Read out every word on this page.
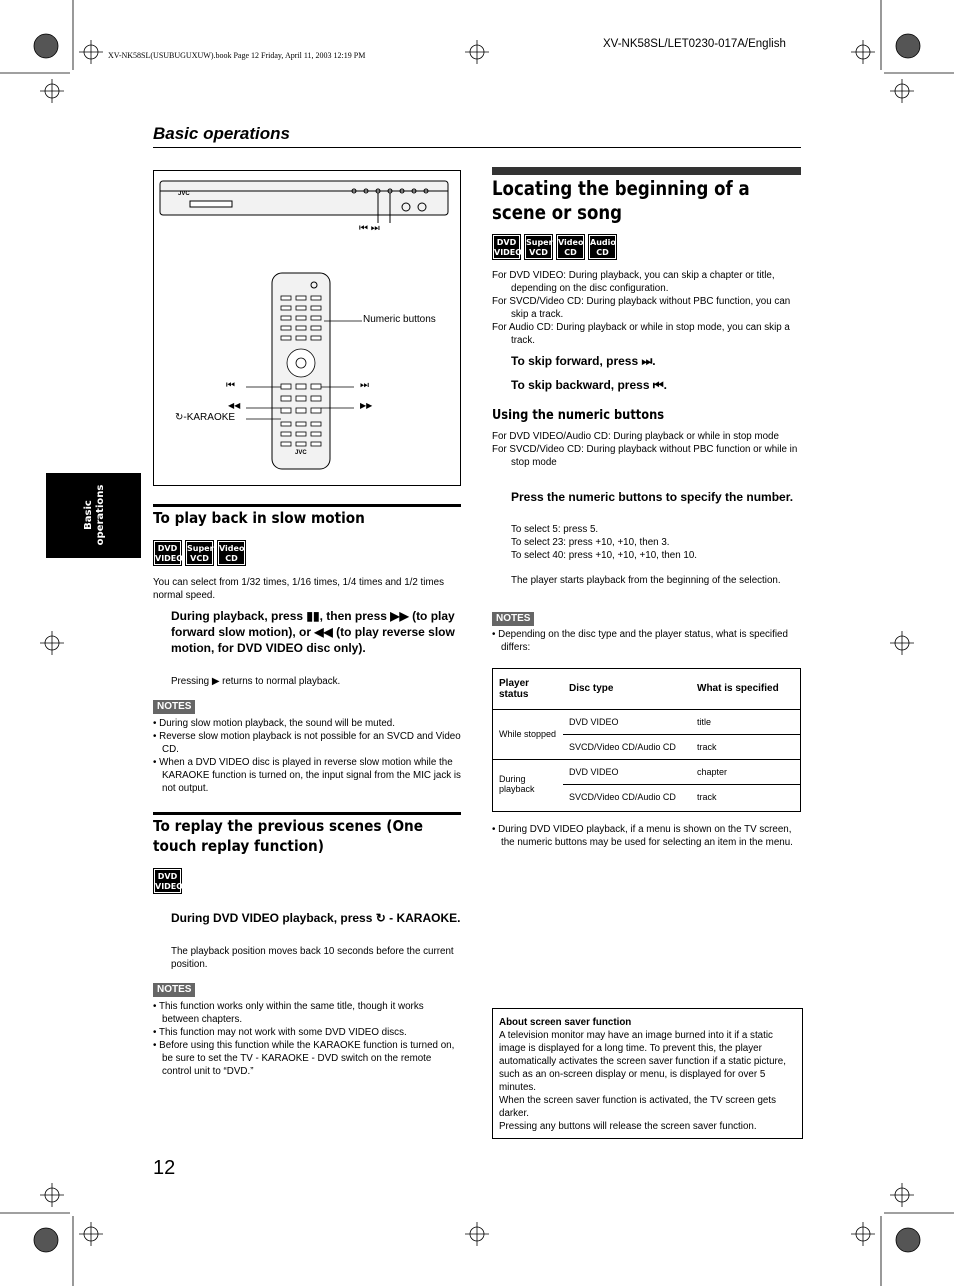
XV-NK58SL/LET0230-017A/English
XV-NK58SL(USUBUGUXUW).book Page 12 Friday, April 11, 2003 12:19 PM
Basic operations
Basic
operations
JVC
⏮ ⏭
Numeric buttons
⏮	⏭
◀◀	▶▶
↻-KARAOKE
JVC
To play back in slow motion
DVD VIDEO
Super VCD
Video CD
You can select from 1/32 times, 1/16 times, 1/4 times and 1/2 times normal speed.
During playback, press ▮▮, then press ▶▶ (to play forward slow motion), or ◀◀ (to play reverse slow motion, for DVD VIDEO disc only).
Pressing ▶ returns to normal playback.
NOTES

• During slow motion playback, the sound will be muted.

• Reverse slow motion playback is not possible for an SVCD and Video CD.

• When a DVD VIDEO disc is played in reverse slow motion while the KARAOKE function is turned on, the input signal from the MIC jack is not output.

To replay the previous scenes (One touch replay function)
DVD VIDEO
During DVD VIDEO playback, press ↻ - KARAOKE.
The playback position moves back 10 seconds before the current position.
NOTES

• This function works only within the same title, though it works between chapters.

• This function may not work with some DVD VIDEO discs.

• Before using this function while the KARAOKE function is turned on, be sure to set the TV - KARAOKE - DVD switch on the remote control unit to “DVD.”

Locating the beginning of a scene or song
DVD VIDEO
Super VCD
Video CD
Audio CD

For DVD VIDEO: During playback, you can skip a chapter or title, depending on the disc configuration.

For SVCD/Video CD: During playback without PBC function, you can skip a track.

For Audio CD: During playback or while in stop mode, you can skip a track.

To skip forward, press ⏭.
To skip backward, press ⏮.
Using the numeric buttons

For DVD VIDEO/Audio CD: During playback or while in stop mode

For SVCD/Video CD: During playback without PBC function or while in stop mode

Press the numeric buttons to specify the number.
To select 5: press 5.
To select 23: press +10, +10, then 3.
To select 40: press +10, +10, +10, then 10.
The player starts playback from the beginning of the selection.
NOTES

• Depending on the disc type and the player status, what is specified differs:

Player status	Disc type	What is specified
While stopped	DVD VIDEO	title
	SVCD/Video CD/Audio CD	track
During playback	DVD VIDEO	chapter
	SVCD/Video CD/Audio CD	track

• During DVD VIDEO playback, if a menu is shown on the TV screen, the numeric buttons may be used for selecting an item in the menu.

About screen saver function
A television monitor may have an image burned into it if a static image is displayed for a long time. To prevent this, the player automatically activates the screen saver function if a static picture, such as an on-screen display or menu, is displayed for over 5 minutes.
When the screen saver function is activated, the TV screen gets darker.
Pressing any buttons will release the screen saver function.
12
